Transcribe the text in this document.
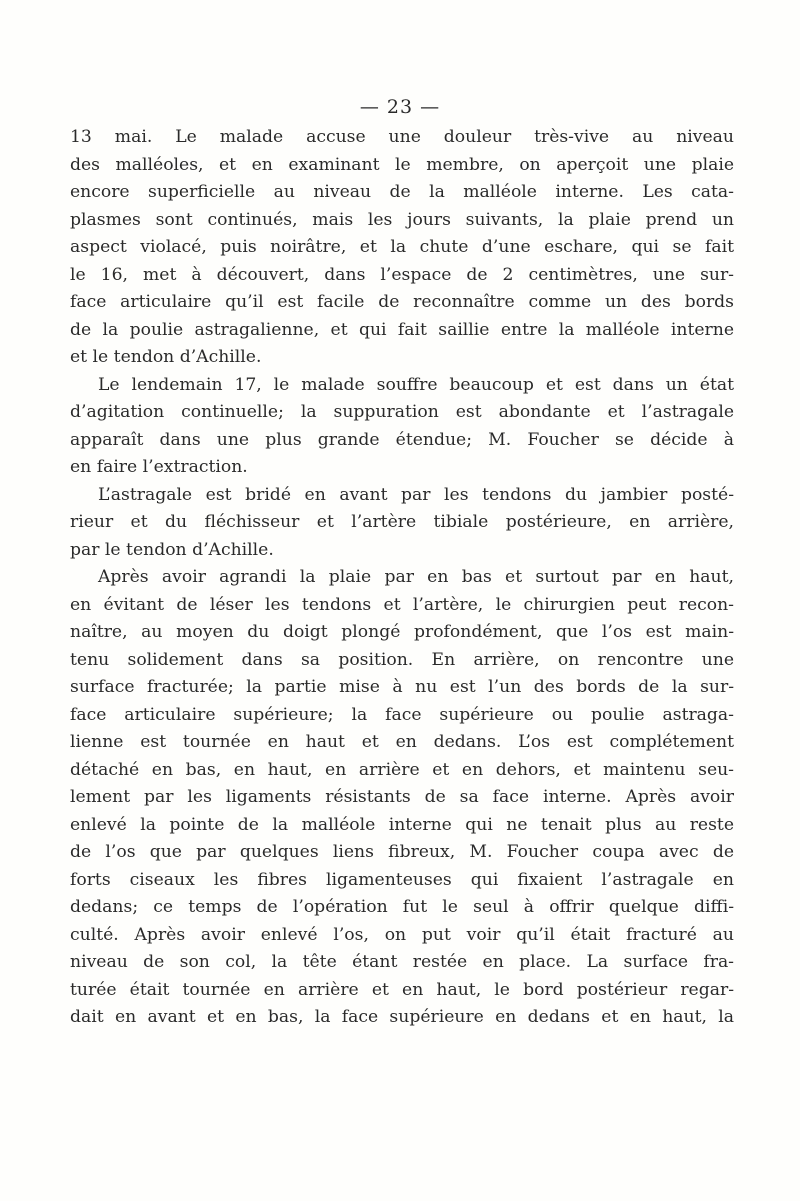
— 23 —
13 mai. Le malade accuse une douleur très-vive au niveau
des malléoles, et en examinant le membre, on aperçoit une plaie
encore superficielle au niveau de la malléole interne. Les cata-
plasmes sont continués, mais les jours suivants, la plaie prend un
aspect violacé, puis noirâtre, et la chute d’une eschare, qui se fait
le 16, met à découvert, dans l’espace de 2 centimètres, une sur-
face articulaire qu’il est facile de reconnaître comme un des bords
de la poulie astragalienne, et qui fait saillie entre la malléole interne
et le tendon d’Achille.
Le lendemain 17, le malade souffre beaucoup et est dans un état
d’agitation continuelle; la suppuration est abondante et l’astragale
apparaît dans une plus grande étendue; M. Foucher se décide à
en faire l’extraction.
L’astragale est bridé en avant par les tendons du jambier posté-
rieur et du fléchisseur et l’artère tibiale postérieure, en arrière,
par le tendon d’Achille.
Après avoir agrandi la plaie par en bas et surtout par en haut,
en évitant de léser les tendons et l’artère, le chirurgien peut recon-
naître, au moyen du doigt plongé profondément, que l’os est main-
tenu solidement dans sa position. En arrière, on rencontre une
surface fracturée; la partie mise à nu est l’un des bords de la sur-
face articulaire supérieure; la face supérieure ou poulie astraga-
lienne est tournée en haut et en dedans. L’os est complétement
détaché en bas, en haut, en arrière et en dehors, et maintenu seu-
lement par les ligaments résistants de sa face interne. Après avoir
enlevé la pointe de la malléole interne qui ne tenait plus au reste
de l’os que par quelques liens fibreux, M. Foucher coupa avec de
forts ciseaux les fibres ligamenteuses qui fixaient l’astragale en
dedans; ce temps de l’opération fut le seul à offrir quelque diffi-
culté. Après avoir enlevé l’os, on put voir qu’il était fracturé au
niveau de son col, la tête étant restée en place. La surface fra-
turée était tournée en arrière et en haut, le bord postérieur regar-
dait en avant et en bas, la face supérieure en dedans et en haut, la
